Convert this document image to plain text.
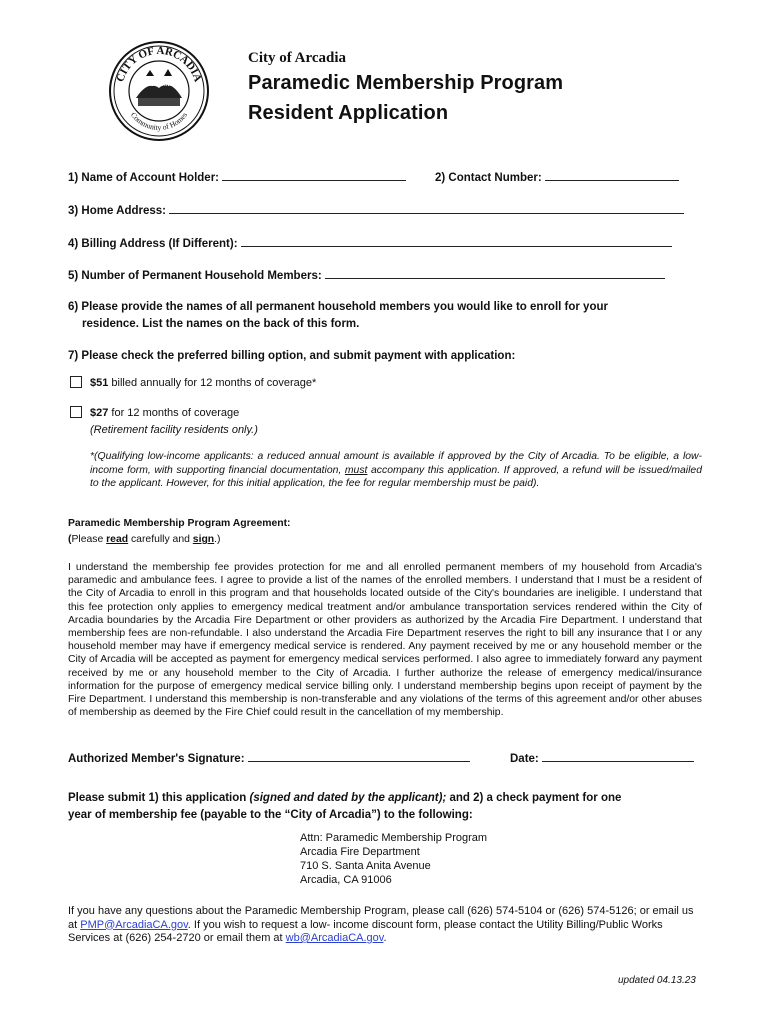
CITY OF ARCADIA
Community of Homes
CALIFORNIA
City of Arcadia
Paramedic Membership Program
Resident Application
1) Name of Account Holder:	2) Contact Number:
3) Home Address:
4) Billing Address (If Different):
5) Number of Permanent Household Members:
6) Please provide the names of all permanent household members you would like to enroll for your
residence. List the names on the back of this form.
7) Please check the preferred billing option, and submit payment with application:
$51 billed annually for 12 months of coverage*
$27 for 12 months of coverage
(Retirement facility residents only.)
*(Qualifying low-income applicants: a reduced annual amount is available if approved by the City of Arcadia. To be eligible, a low-income form, with supporting financial documentation, must accompany this application. If approved, a refund will be issued/mailed to the applicant. However, for this initial application, the fee for regular membership must be paid).
Paramedic Membership Program Agreement:
(Please read carefully and sign.)
I understand the membership fee provides protection for me and all enrolled permanent members of my household from Arcadia's paramedic and ambulance fees. I agree to provide a list of the names of the enrolled members. I understand that I must be a resident of the City of Arcadia to enroll in this program and that households located outside of the City's boundaries are ineligible. I understand that this fee protection only applies to emergency medical treatment and/or ambulance transportation services rendered within the City of Arcadia boundaries by the Arcadia Fire Department or other providers as authorized by the Arcadia Fire Department. I understand that membership fees are non-refundable. I also understand the Arcadia Fire Department reserves the right to bill any insurance that I or any household member may have if emergency medical service is rendered. Any payment received by me or any household member or the City of Arcadia will be accepted as payment for emergency medical services performed. I also agree to immediately forward any payment received by me or any household member to the City of Arcadia. I further authorize the release of emergency medical/insurance information for the purpose of emergency medical service billing only. I understand membership begins upon receipt of payment by the Fire Department. I understand this membership is non-transferable and any violations of the terms of this agreement and/or other abuses of membership as deemed by the Fire Chief could result in the cancellation of my membership.
Authorized Member's Signature:	Date:
Please submit 1) this application (signed and dated by the applicant); and 2) a check payment for one
year of membership fee (payable to the “City of Arcadia”) to the following:
Attn: Paramedic Membership Program
Arcadia Fire Department
710 S. Santa Anita Avenue
Arcadia, CA 91006
If you have any questions about the Paramedic Membership Program, please call (626) 574-5104 or (626) 574-5126; or email us at PMP@ArcadiaCA.gov. If you wish to request a low- income discount form, please contact the Utility Billing/Public Works Services at (626) 254-2720 or email them at wb@ArcadiaCA.gov.
updated 04.13.23
